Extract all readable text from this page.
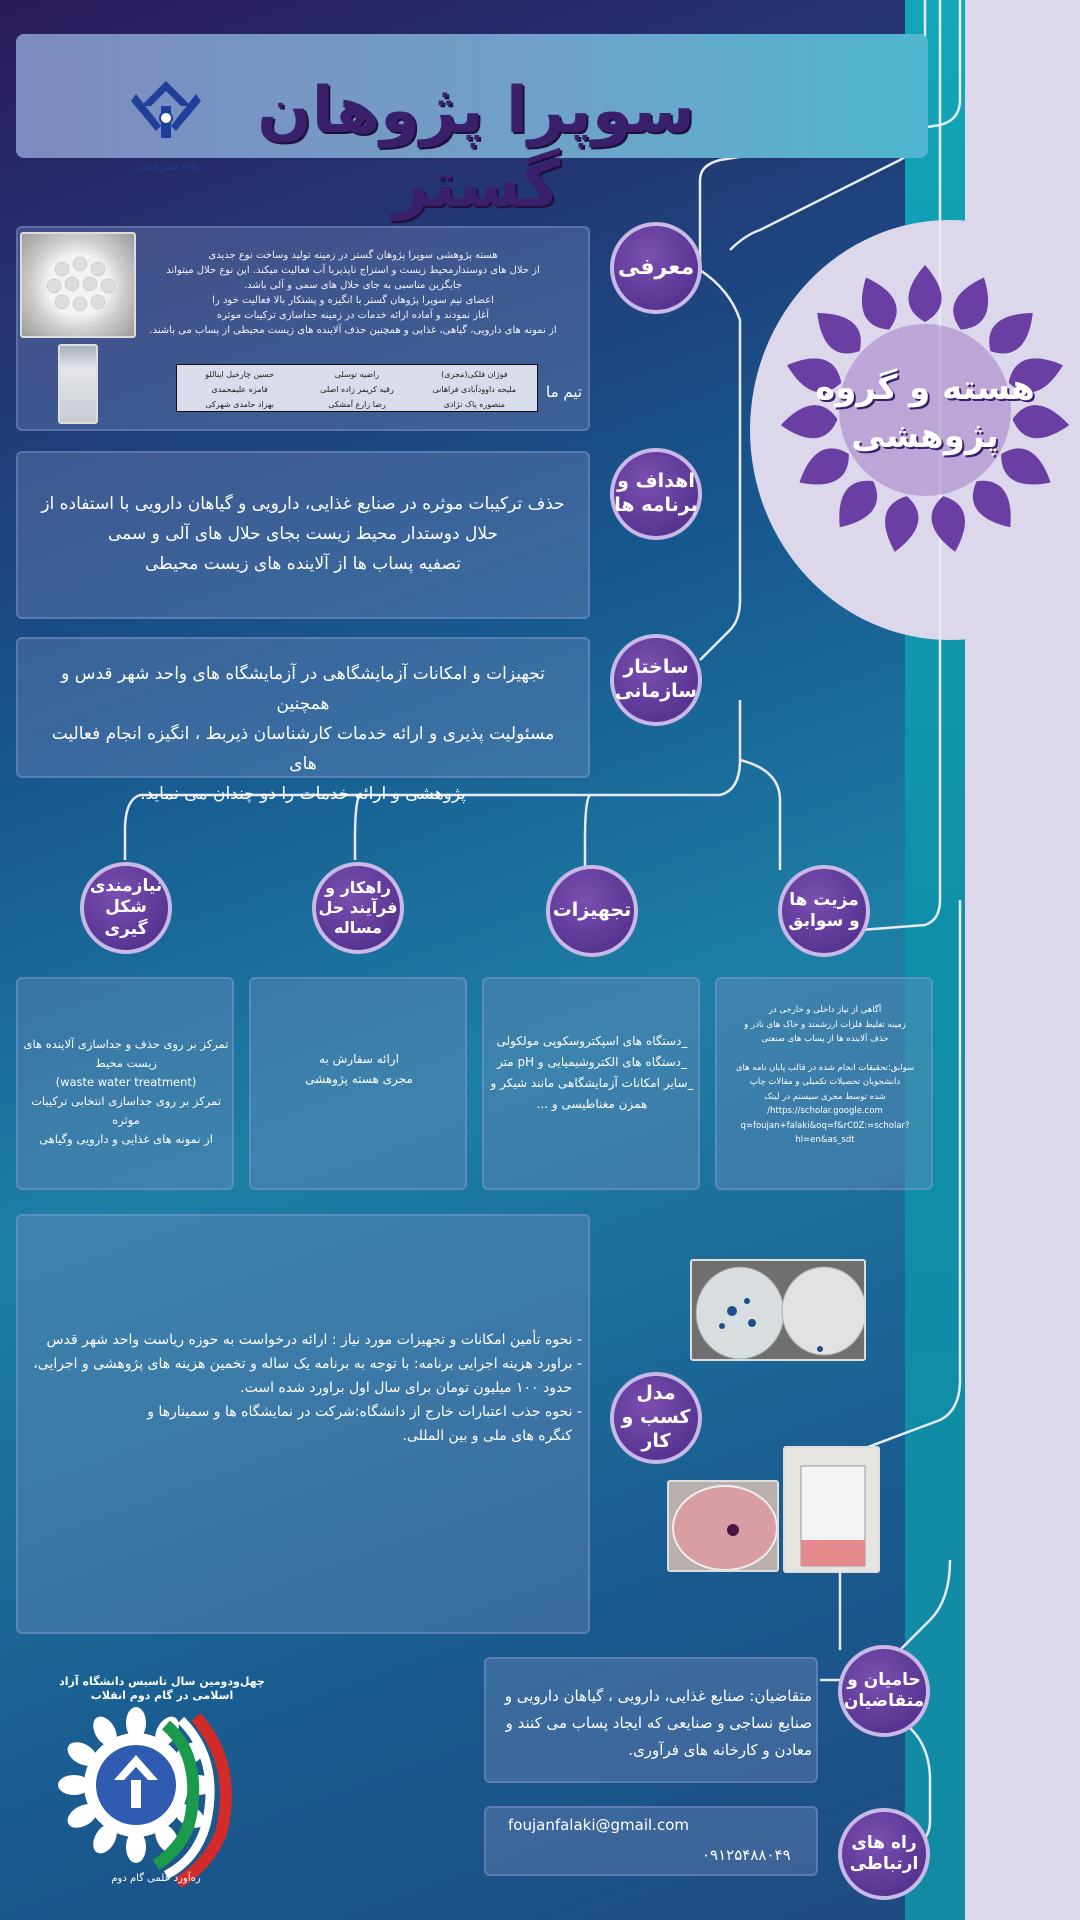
واحد شهر قدس
سوپرا پژوهان گستر
هسته و گروه
پژوهشی
هسته پژوهشی سوپرا پژوهان گستر در زمینه تولید وساخت نوع جدیدی
از حلال های دوستدارمحیط زیست و استزاج ناپذیربا آب فعالیت میکند. این نوع حلال میتواند
جایگزین مناسبی به جای حلال های سمی و آلی باشد.
اعضای تیم سوپرا پژوهان گستر با انگیزه و پشتکار بالا فعالیت خود را
آغاز نمودند و آماده ارائه خدمات در زمینه جداسازی ترکیبات موثره
از نمونه های دارویی، گیاهی، غذایی و همچنین حذف آلاینده های زیست محیطی از پساب می باشند.
فوژان فلکی(مجری)
راضیه توسلی
حسین چارخیل ایناللو
ملیحه داوودآبادی فراهانی
رقیه کریمر زاده اصلی
فامزه علیمحمدی
منصوره پاک نژادی
رضا زارع آمشکی
بهزاد حامدی شهرکی
تیم ما
معرفی
حذف ترکیبات موثره در صنایع غذایی، دارویی و گیاهان دارویی با استفاده از
حلال دوستدار محیط زیست بجای حلال های آلی و سمی
تصفیه پساب ها از آلاینده های زیست محیطی
اهداف و برنامه ها
تجهیزات و امکانات آزمایشگاهی در آزمایشگاه های واحد شهر قدس و همچنین
مسئولیت پذیری و ارائه خدمات کارشناسان ذیربط ، انگیزه انجام فعالیت های
پژوهشی و ارائه خدمات را دو چندان می نماید.
ساختار سازمانی
نیازمندی شکل گیری
راهکار و فرآیند حل مساله
تجهیزات	مزیت ها و سوابق
تمرکز بر روی حذف و جداسازی آلاینده های
زیست محیط
(waste water treatment)
تمرکز بر روی جداسازی انتخابی ترکیبات موثره
از نمونه های غذایی و دارویی وگیاهی
ارائه سفارش به
مجری هسته پژوهشی
_دستگاه های اسپکتروسکوپی مولکولی
_دستگاه های الکتروشیمیایی و pH متر
_سایر امکانات آزمایشگاهی مانند شیکر و
همزن مغناطیسی و ...
آگاهی از نیاز داخلی و خارجی در
زمینه تغلیظ فلزات ارزشمند و خاک های نادر و
حذف آلاینده ها از پساب های صنعتی
سوابق:تحقیقات انجام شده در قالب پایان نامه های
دانشجویان تحصیلات تکمیلی و مقالات چاپ
شده توسط مجری سیستم در لینک
https://scholar.google.com/
q=foujan+falaki&oq=f&rC0Z:=scholar?hl=en&as_sdt
- نحوه تأمین امکانات و تجهیزات مورد نیاز : ارائه درخواست به حوزه ریاست واحد شهر قدس
- براورد هزینه اجرایی برنامه: با توجه به برنامه یک ساله و تخمین هزینه های پژوهشی و اجرایی،
حدود ۱۰۰ میلیون تومان برای سال اول براورد شده است.
- نحوه جذب اعتبارات خارج از دانشگاه:شرکت در نمایشگاه ها و سمینارها و
کنگره های ملی و بین المللی.
مدل کسب و کار
متقاضیان: صنایع غذایی، دارویی ، گیاهان دارویی و
صنایع نساجی و صنایعی که ایجاد پساب می کنند و
معادن و کارخانه های فرآوری.
حامیان و متقاضیان
foujanfalaki@gmail.com
۰۹۱۲۵۴۸۸۰۴۹
راه های ارتباطی
چهل‌ودومین سال تاسیس دانشگاه آزاد اسلامی در گام دوم انقلاب
ره‌آورد علمی گام دوم
